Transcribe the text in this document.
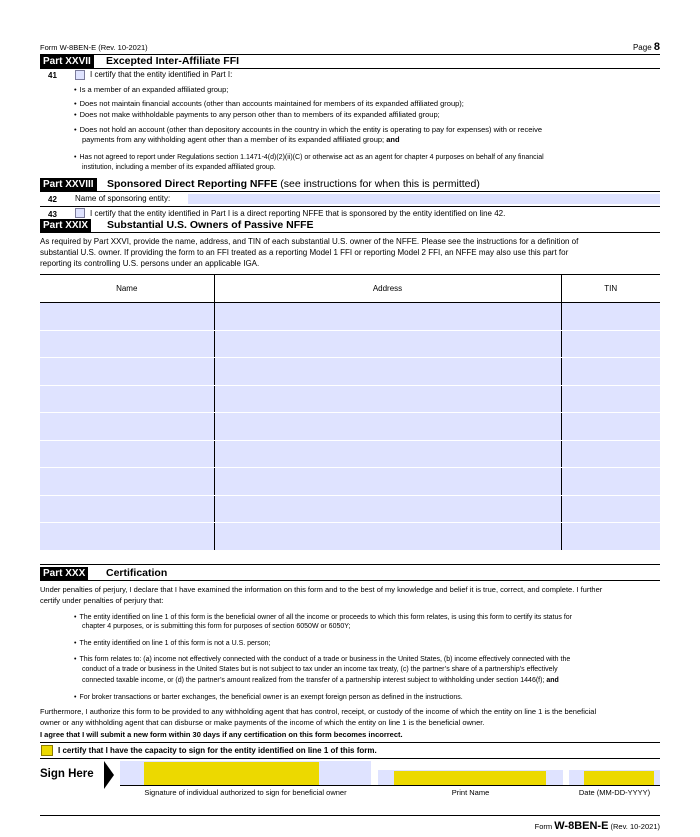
Form W-8BEN-E (Rev. 10-2021)	Page 8
Part XXVII Excepted Inter-Affiliate FFI
41	I certify that the entity identified in Part I:
• Is a member of an expanded affiliated group;
• Does not maintain financial accounts (other than accounts maintained for members of its expanded affiliated group);
• Does not make withholdable payments to any person other than to members of its expanded affiliated group;
• Does not hold an account (other than depository accounts in the country in which the entity is operating to pay for expenses) with or receive
payments from any withholding agent other than a member of its expanded affiliated group; and
• Has not agreed to report under Regulations section 1.1471-4(d)(2)(ii)(C) or otherwise act as an agent for chapter 4 purposes on behalf of any financial
institution, including a member of its expanded affiliated group.
Part XXVIII Sponsored Direct Reporting NFFE (see instructions for when this is permitted)
42 Name of sponsoring entity:
43	I certify that the entity identified in Part I is a direct reporting NFFE that is sponsored by the entity identified on line 42.
Part XXIX Substantial U.S. Owners of Passive NFFE
As required by Part XXVI, provide the name, address, and TIN of each substantial U.S. owner of the NFFE. Please see the instructions for a definition of
substantial U.S. owner. If providing the form to an FFI treated as a reporting Model 1 FFI or reporting Model 2 FFI, an NFFE may also use this part for
reporting its controlling U.S. persons under an applicable IGA.
Name	Address	TIN

Part XXX Certification
Under penalties of perjury, I declare that I have examined the information on this form and to the best of my knowledge and belief it is true, correct, and complete. I further
certify under penalties of perjury that:
• The entity identified on line 1 of this form is the beneficial owner of all the income or proceeds to which this form relates, is using this form to certify its status for
chapter 4 purposes, or is submitting this form for purposes of section 6050W or 6050Y;
• The entity identified on line 1 of this form is not a U.S. person;
• This form relates to: (a) income not effectively connected with the conduct of a trade or business in the United States, (b) income effectively connected with the
conduct of a trade or business in the United States but is not subject to tax under an income tax treaty, (c) the partner’s share of a partnership’s effectively
connected taxable income, or (d) the partner’s amount realized from the transfer of a partnership interest subject to withholding under section 1446(f); and
• For broker transactions or barter exchanges, the beneficial owner is an exempt foreign person as defined in the instructions.
Furthermore, I authorize this form to be provided to any withholding agent that has control, receipt, or custody of the income of which the entity on line 1 is the beneficial
owner or any withholding agent that can disburse or make payments of the income of which the entity on line 1 is the beneficial owner.
I agree that I will submit a new form within 30 days if any certification on this form becomes incorrect.
I certify that I have the capacity to sign for the entity identified on line 1 of this form.
Sign Here
Signature of individual authorized to sign for beneficial owner	Print Name	Date (MM-DD-YYYY)
Form W-8BEN-E (Rev. 10-2021)
